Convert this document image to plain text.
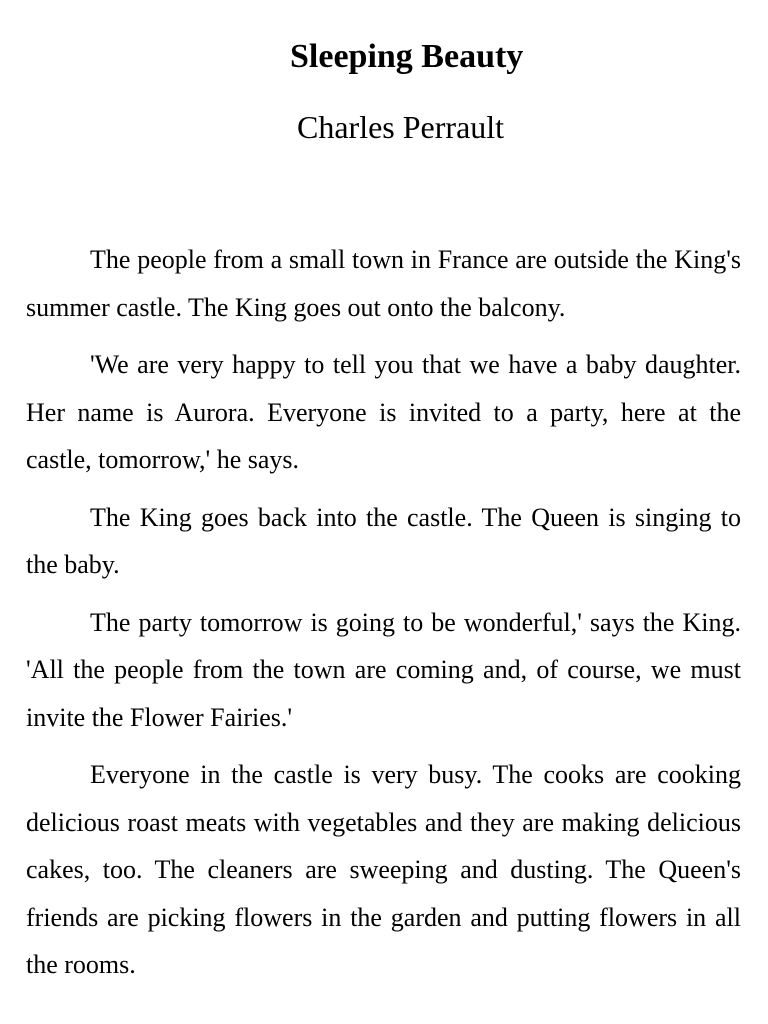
Sleeping Beauty
Charles Perrault

The people from a small town in France are outside the King's summer castle. The King goes out onto the balcony.

'We are very happy to tell you that we have a baby daughter. Her name is Aurora. Everyone is invited to a party, here at the castle, tomorrow,' he says.

The King goes back into the castle. The Queen is singing to the baby.

The party tomorrow is going to be wonderful,' says the King. 'All the people from the town are coming and, of course, we must invite the Flower Fairies.'

Everyone in the castle is very busy. The cooks are cooking delicious roast meats with vegetables and they are making delicious cakes, too. The cleaners are sweeping and dusting. The Queen's friends are picking flowers in the garden and putting flowers in all the rooms.
